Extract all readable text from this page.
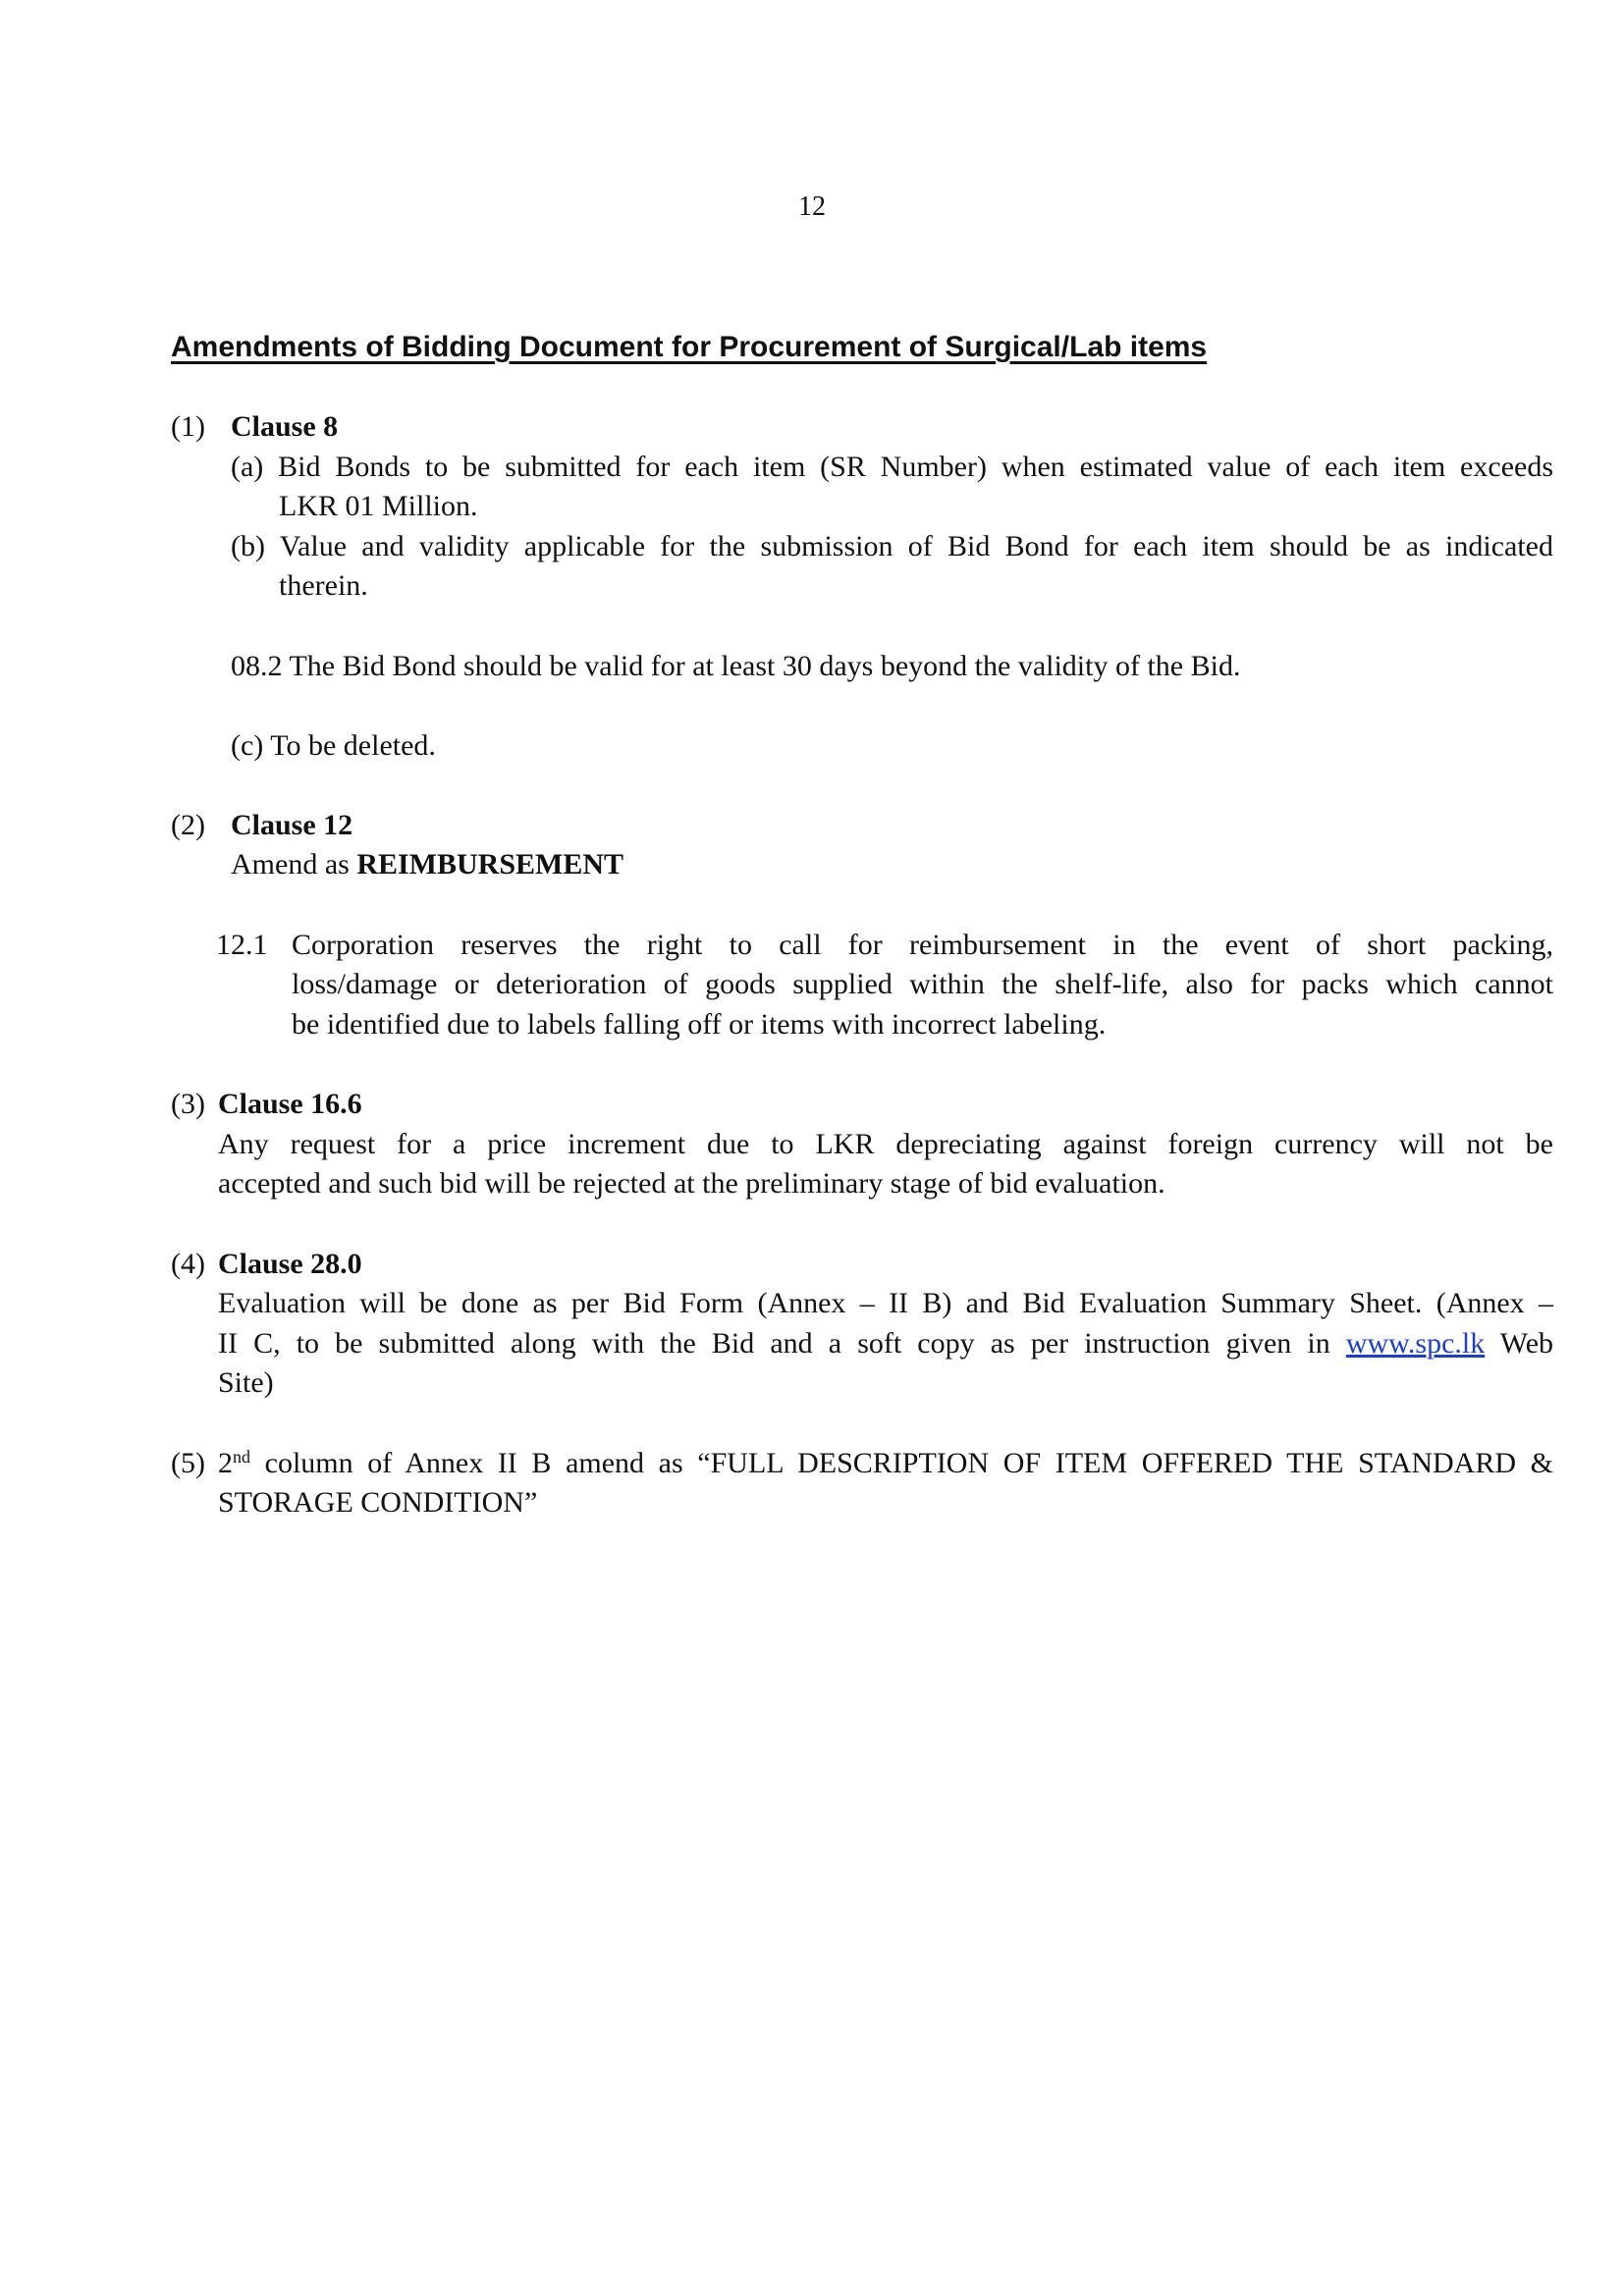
12
Amendments of Bidding Document for Procurement of Surgical/Lab items
(1) Clause 8
(a) Bid Bonds to be submitted for each item (SR Number) when estimated value of each item exceeds
LKR 01 Million.
(b) Value and validity applicable for the submission of Bid Bond for each item should be as indicated
therein.
08.2 The Bid Bond should be valid for at least 30 days beyond the validity of the Bid.
(c) To be deleted.
(2) Clause 12
Amend as REIMBURSEMENT
12.1 Corporation reserves the right to call for reimbursement in the event of short packing,
loss/damage or deterioration of goods supplied within the shelf-life, also for packs which cannot
be identified due to labels falling off or items with incorrect labeling.
(3) Clause 16.6
Any request for a price increment due to LKR depreciating against foreign currency will not be
accepted and such bid will be rejected at the preliminary stage of bid evaluation.
(4) Clause 28.0
Evaluation will be done as per Bid Form (Annex – II B) and Bid Evaluation Summary Sheet. (Annex –
II C, to be submitted along with the Bid and a soft copy as per instruction given in www.spc.lk Web
Site)
(5) 2nd column of Annex II B amend as “FULL DESCRIPTION OF ITEM OFFERED THE STANDARD &
STORAGE CONDITION”
